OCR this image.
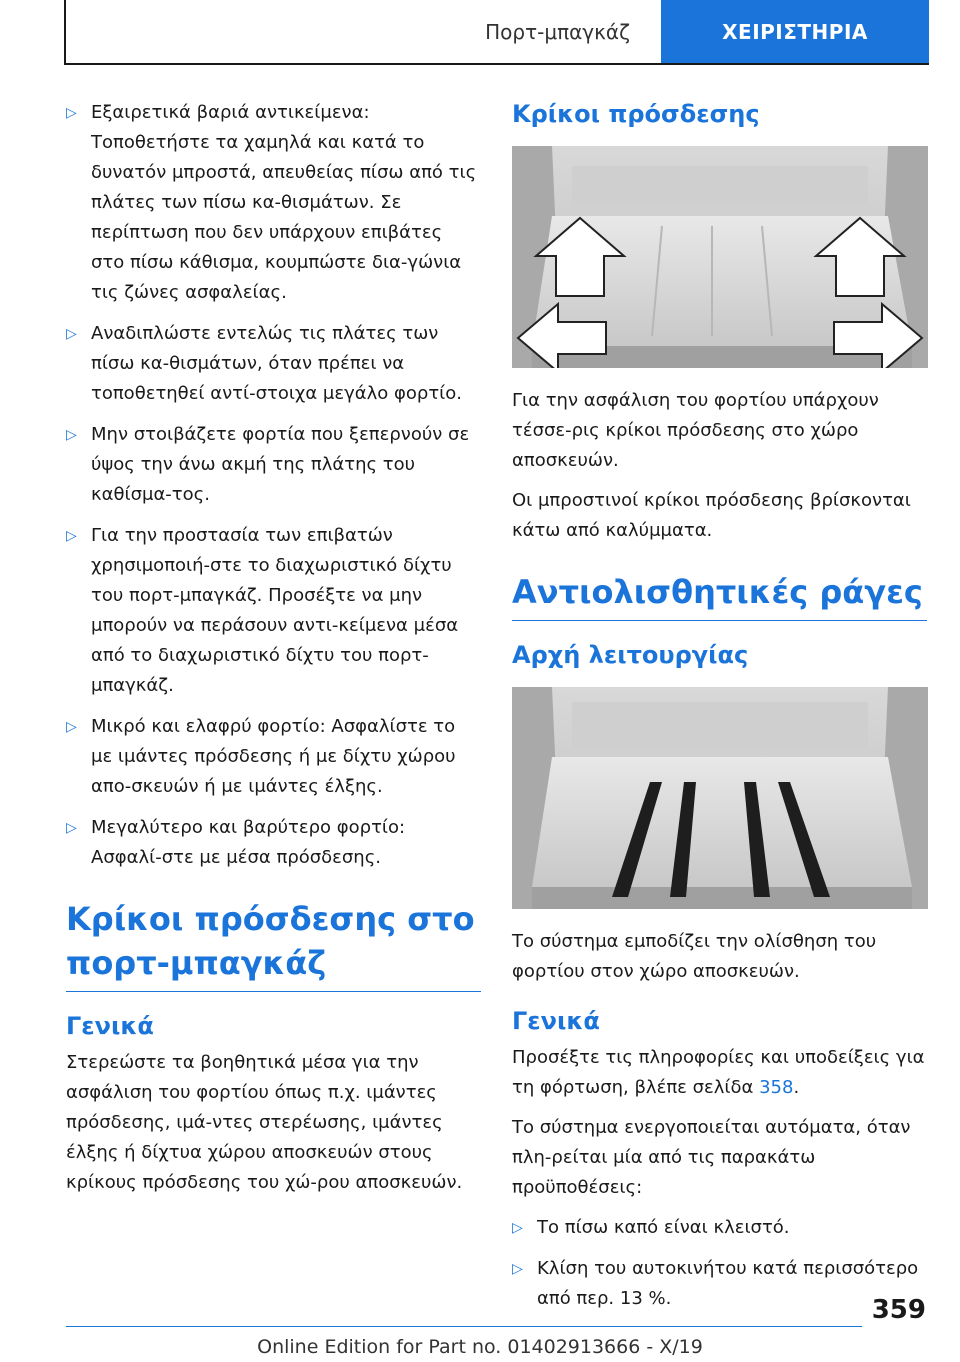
Πορτ-μπαγκάζ	ΧΕΙΡΙΣΤΗΡΙΑ
▷ Εξαιρετικά βαριά αντικείμενα: Τοποθετήστε τα χαμηλά και κατά το δυνατόν μπροστά, απευθείας πίσω από τις πλάτες των πίσω κα-θισμάτων. Σε περίπτωση που δεν υπάρχουν επιβάτες στο πίσω κάθισμα, κουμπώστε δια-γώνια τις ζώνες ασφαλείας.
▷ Αναδιπλώστε εντελώς τις πλάτες των πίσω κα-θισμάτων, όταν πρέπει να τοποθετηθεί αντί-στοιχα μεγάλο φορτίο.
▷ Μην στοιβάζετε φορτία που ξεπερνούν σε ύψος την άνω ακμή της πλάτης του καθίσμα-τος.
▷ Για την προστασία των επιβατών χρησιμοποιή-στε το διαχωριστικό δίχτυ του πορτ-μπαγκάζ. Προσέξτε να μην μπορούν να περάσουν αντι-κείμενα μέσα από το διαχωριστικό δίχτυ του πορτ-μπαγκάζ.
▷ Μικρό και ελαφρύ φορτίο: Ασφαλίστε το με ιμάντες πρόσδεσης ή με δίχτυ χώρου απο-σκευών ή με ιμάντες έλξης.
▷ Μεγαλύτερο και βαρύτερο φορτίο: Ασφαλί-στε με μέσα πρόσδεσης.
Κρίκοι πρόσδεσης στο πορτ-μπαγκάζ
Γενικά

Στερεώστε τα βοηθητικά μέσα για την ασφάλιση του φορτίου όπως π.χ. ιμάντες πρόσδεσης, ιμά-ντες στερέωσης, ιμάντες έλξης ή δίχτυα χώρου αποσκευών στους κρίκους πρόσδεσης του χώ-ρου αποσκευών.

Κρίκοι πρόσδεσης

Για την ασφάλιση του φορτίου υπάρχουν τέσσε-ρις κρίκοι πρόσδεσης στο χώρο αποσκευών.

Οι μπροστινοί κρίκοι πρόσδεσης βρίσκονται κάτω από καλύμματα.

Αντιολισθητικές ράγες
Αρχή λειτουργίας

Το σύστημα εμποδίζει την ολίσθηση του φορτίου στον χώρο αποσκευών.

Γενικά

Προσέξτε τις πληροφορίες και υποδείξεις για τη φόρτωση, βλέπε σελίδα 358.

Το σύστημα ενεργοποιείται αυτόματα, όταν πλη-ρείται μία από τις παρακάτω προϋποθέσεις:

▷ Το πίσω καπό είναι κλειστό.
▷ Κλίση του αυτοκινήτου κατά περισσότερο από περ. 13 %.	359
Online Edition for Part no. 01402913666 - X/19
